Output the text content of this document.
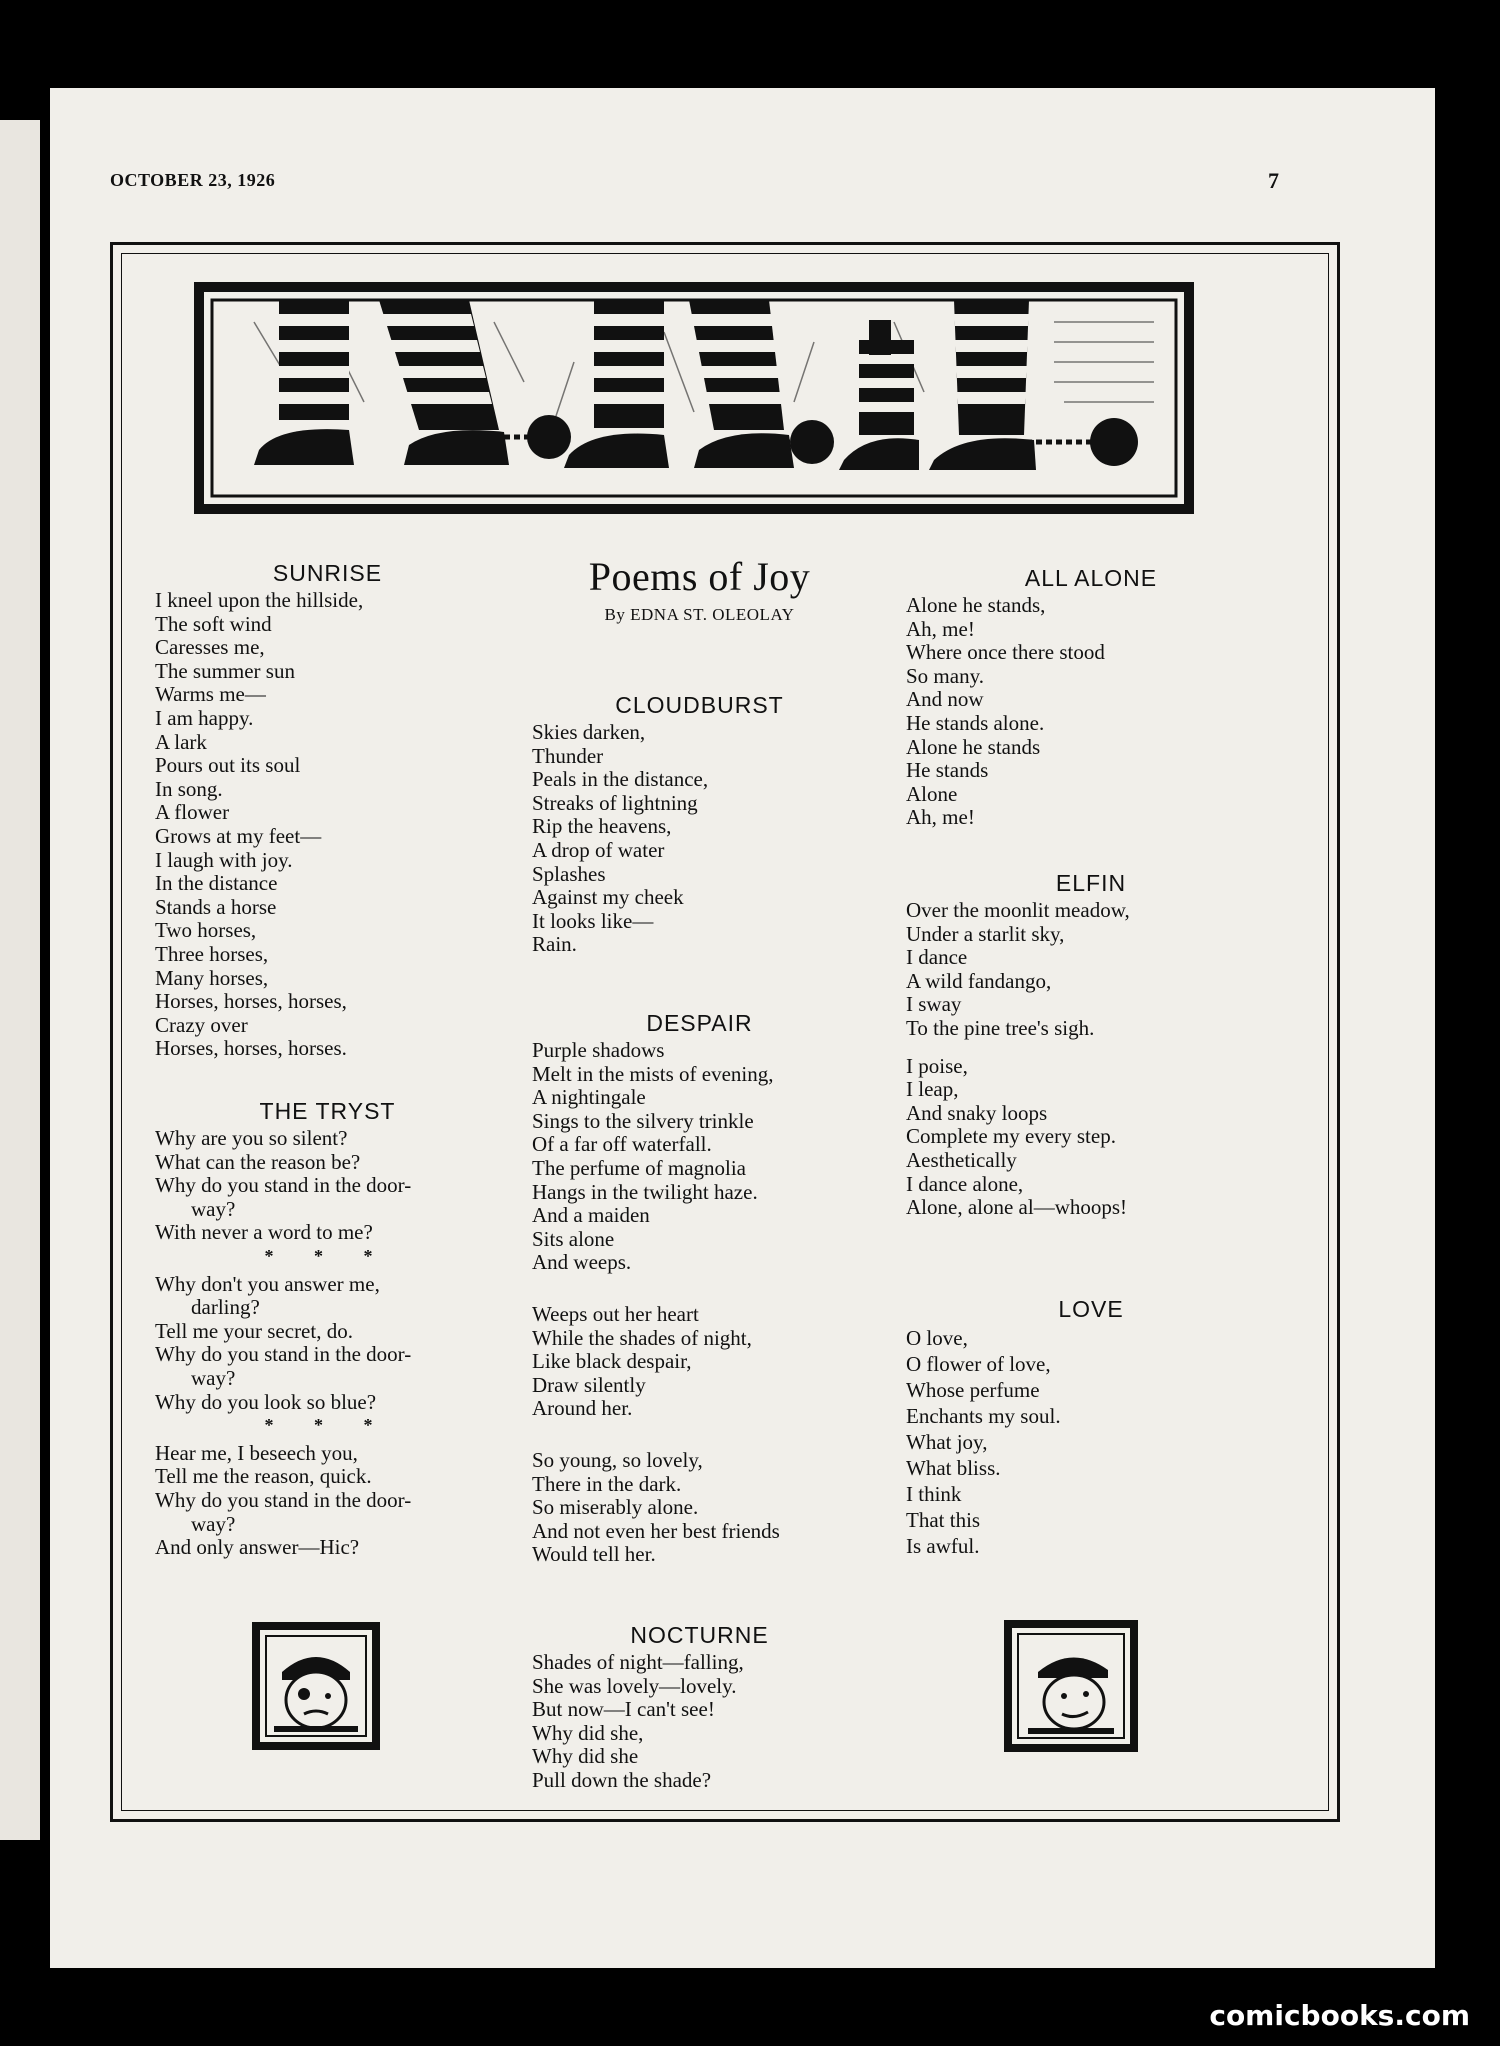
OCTOBER 23, 1926	7
SUNRISE
I kneel upon the hillside,
The soft wind
Caresses me,
The summer sun
Warms me—
I am happy.
A lark
Pours out its soul
In song.
A flower
Grows at my feet—
I laugh with joy.
In the distance
Stands a horse
Two horses,
Three horses,
Many horses,
Horses, horses, horses,
Crazy over
Horses, horses, horses.
THE TRYST
Why are you so silent?
What can the reason be?
Why do you stand in the door-
way?
With never a word to me?
* * *
Why don't you answer me,
darling?
Tell me your secret, do.
Why do you stand in the door-
way?
Why do you look so blue?
* * *
Hear me, I beseech you,
Tell me the reason, quick.
Why do you stand in the door-
way?
And only answer—Hic?
Poems of Joy
By EDNA ST. OLEOLAY
CLOUDBURST
Skies darken,
Thunder
Peals in the distance,
Streaks of lightning
Rip the heavens,
A drop of water
Splashes
Against my cheek
It looks like—
Rain.
DESPAIR
Purple shadows
Melt in the mists of evening,
A nightingale
Sings to the silvery trinkle
Of a far off waterfall.
The perfume of magnolia
Hangs in the twilight haze.
And a maiden
Sits alone
And weeps.
Weeps out her heart
While the shades of night,
Like black despair,
Draw silently
Around her.
So young, so lovely,
There in the dark.
So miserably alone.
And not even her best friends
Would tell her.
NOCTURNE
Shades of night—falling,
She was lovely—lovely.
But now—I can't see!
Why did she,
Why did she
Pull down the shade?
ALL ALONE
Alone he stands,
Ah, me!
Where once there stood
So many.
And now
He stands alone.
Alone he stands
He stands
Alone
Ah, me!
ELFIN
Over the moonlit meadow,
Under a starlit sky,
I dance
A wild fandango,
I sway
To the pine tree's sigh.
I poise,
I leap,
And snaky loops
Complete my every step.
Aesthetically
I dance alone,
Alone, alone al—whoops!
LOVE
O love,
O flower of love,
Whose perfume
Enchants my soul.
What joy,
What bliss.
I think
That this
Is awful.
comicbooks.com
